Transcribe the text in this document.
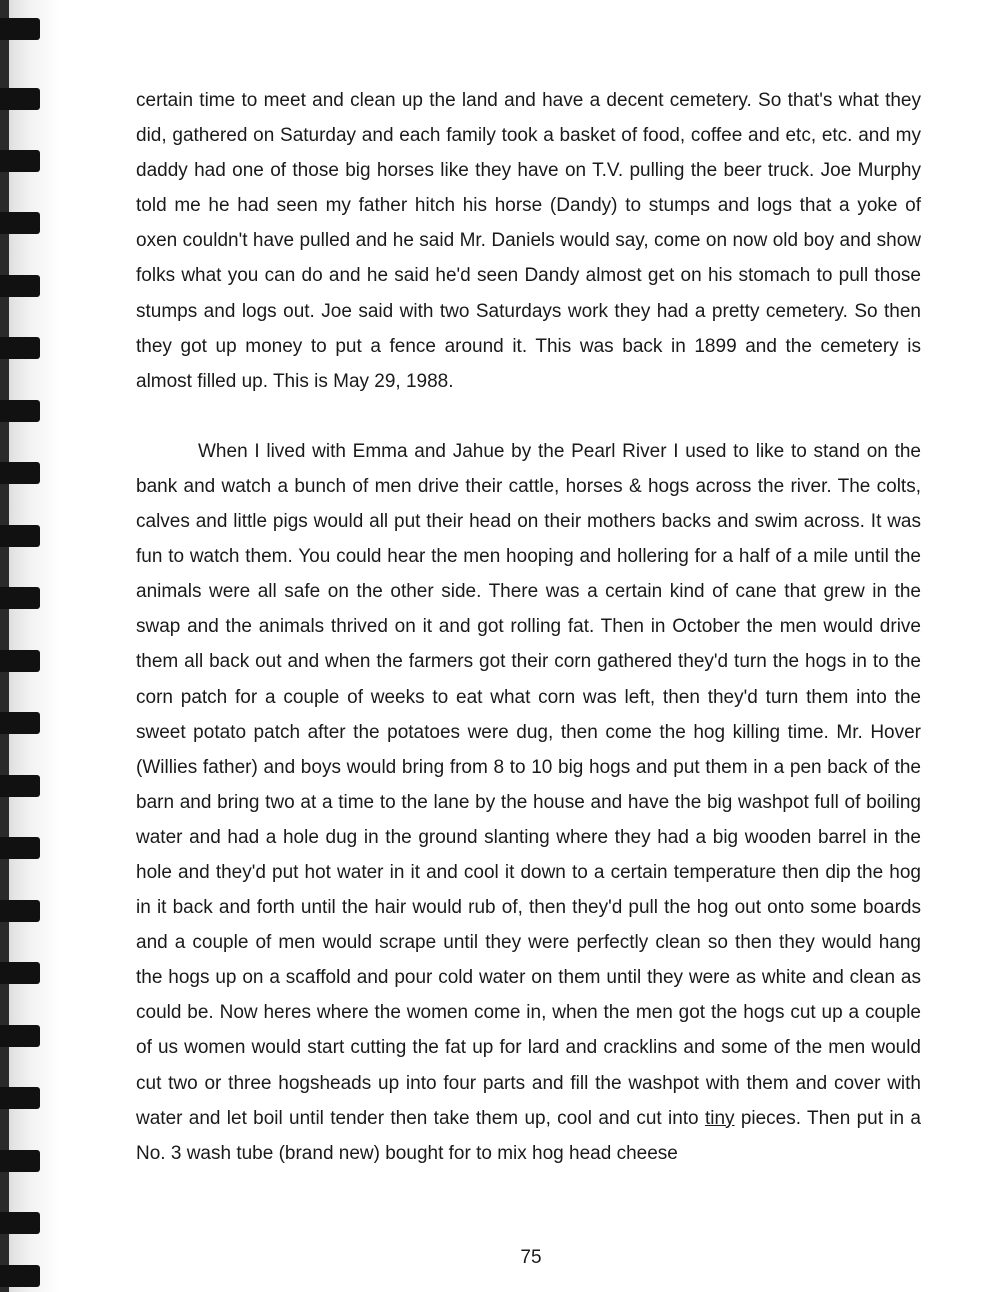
certain time to meet and clean up the land and have a decent cemetery. So that's what they did, gathered on Saturday and each family took a basket of food, coffee and etc, etc. and my daddy had one of those big horses like they have on T.V. pulling the beer truck. Joe Murphy told me he had seen my father hitch his horse (Dandy) to stumps and logs that a yoke of oxen couldn't have pulled and he said Mr. Daniels would say, come on now old boy and show folks what you can do and he said he'd seen Dandy almost get on his stomach to pull those stumps and logs out. Joe said with two Saturdays work they had a pretty cemetery. So then they got up money to put a fence around it. This was back in 1899 and the cemetery is almost filled up. This is May 29, 1988.

When I lived with Emma and Jahue by the Pearl River I used to like to stand on the bank and watch a bunch of men drive their cattle, horses & hogs across the river. The colts, calves and little pigs would all put their head on their mothers backs and swim across. It was fun to watch them. You could hear the men hooping and hollering for a half of a mile until the animals were all safe on the other side. There was a certain kind of cane that grew in the swap and the animals thrived on it and got rolling fat. Then in October the men would drive them all back out and when the farmers got their corn gathered they'd turn the hogs in to the corn patch for a couple of weeks to eat what corn was left, then they'd turn them into the sweet potato patch after the potatoes were dug, then come the hog killing time. Mr. Hover (Willies father) and boys would bring from 8 to 10 big hogs and put them in a pen back of the barn and bring two at a time to the lane by the house and have the big washpot full of boiling water and had a hole dug in the ground slanting where they had a big wooden barrel in the hole and they'd put hot water in it and cool it down to a certain temperature then dip the hog in it back and forth until the hair would rub of, then they'd pull the hog out onto some boards and a couple of men would scrape until they were perfectly clean so then they would hang the hogs up on a scaffold and pour cold water on them until they were as white and clean as could be. Now heres where the women come in, when the men got the hogs cut up a couple of us women would start cutting the fat up for lard and cracklins and some of the men would cut two or three hogsheads up into four parts and fill the washpot with them and cover with water and let boil until tender then take them up, cool and cut into tiny pieces. Then put in a No. 3 wash tube (brand new) bought for to mix hog head cheese

75
